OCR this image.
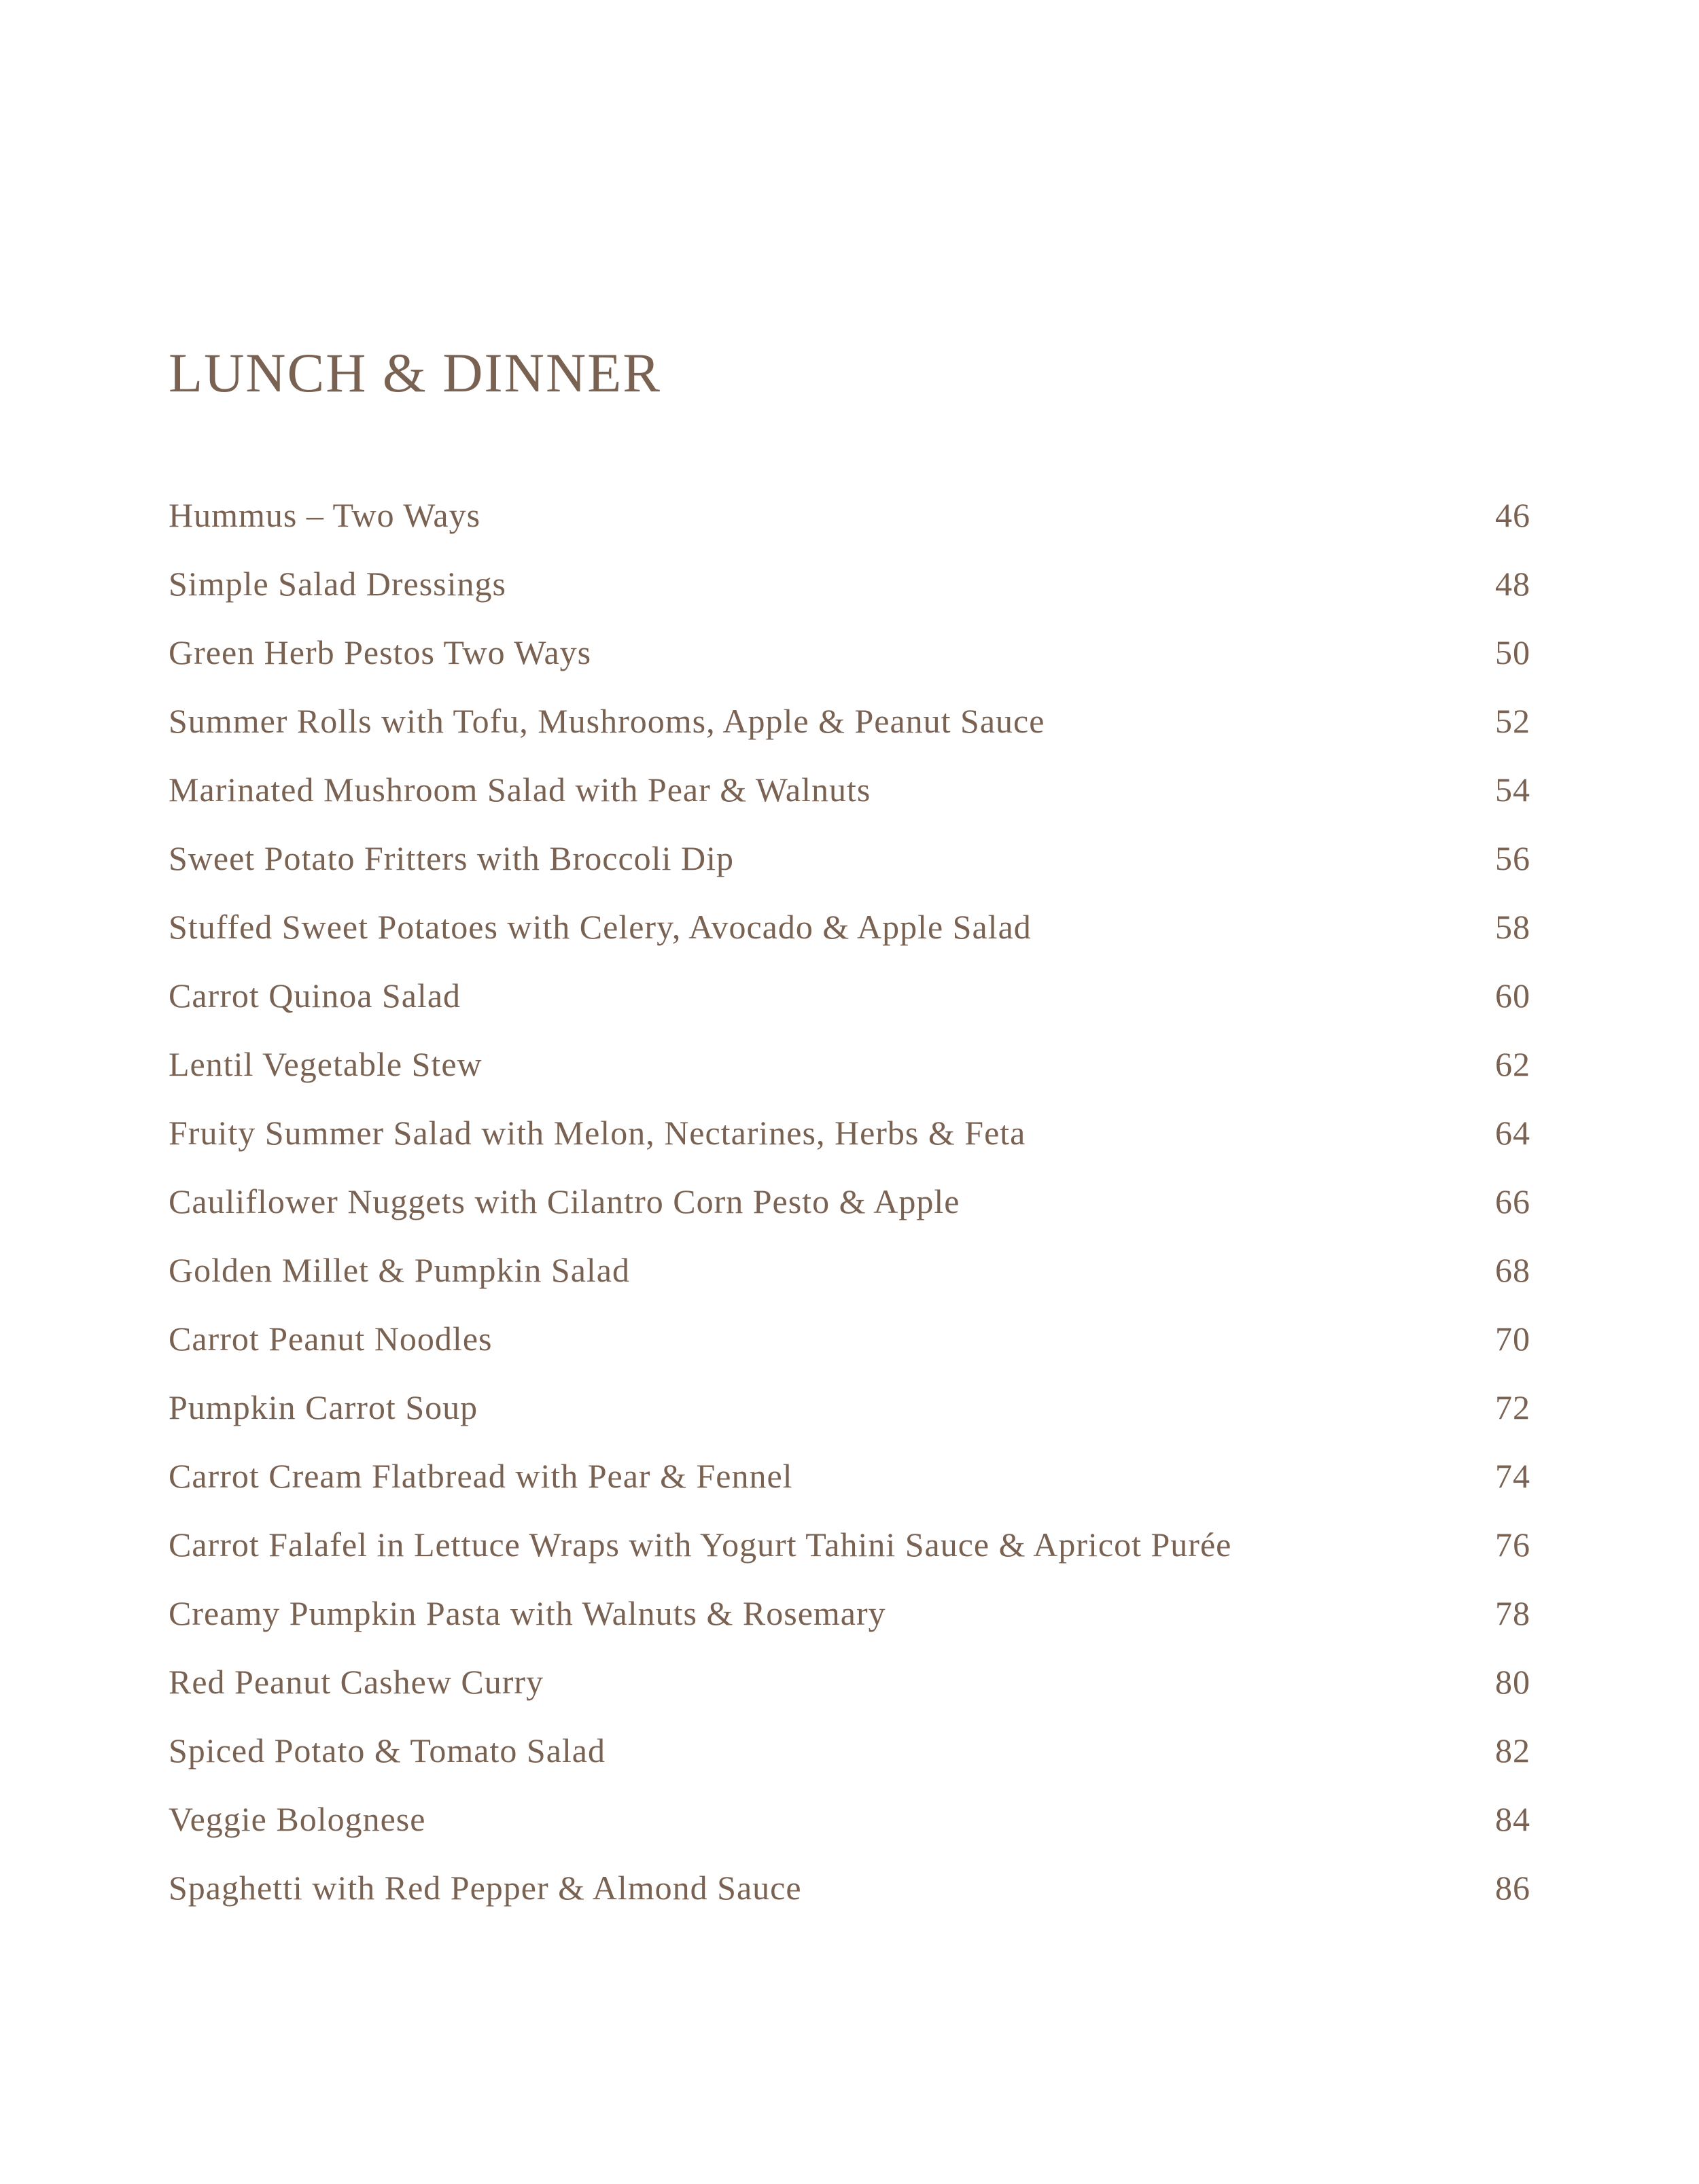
LUNCH & DINNER
Hummus – Two Ways	46
Simple Salad Dressings	48
Green Herb Pestos Two Ways	50
Summer Rolls with Tofu, Mushrooms, Apple & Peanut Sauce	52
Marinated Mushroom Salad with Pear & Walnuts	54
Sweet Potato Fritters with Broccoli Dip	56
Stuffed Sweet Potatoes with Celery, Avocado & Apple Salad	58
Carrot Quinoa Salad	60
Lentil Vegetable Stew	62
Fruity Summer Salad with Melon, Nectarines, Herbs & Feta	64
Cauliflower Nuggets with Cilantro Corn Pesto & Apple	66
Golden Millet & Pumpkin Salad	68
Carrot Peanut Noodles	70
Pumpkin Carrot Soup	72
Carrot Cream Flatbread with Pear & Fennel	74
Carrot Falafel in Lettuce Wraps with Yogurt Tahini Sauce & Apricot Purée	76
Creamy Pumpkin Pasta with Walnuts & Rosemary	78
Red Peanut Cashew Curry	80
Spiced Potato & Tomato Salad	82
Veggie Bolognese	84
Spaghetti with Red Pepper & Almond Sauce	86
